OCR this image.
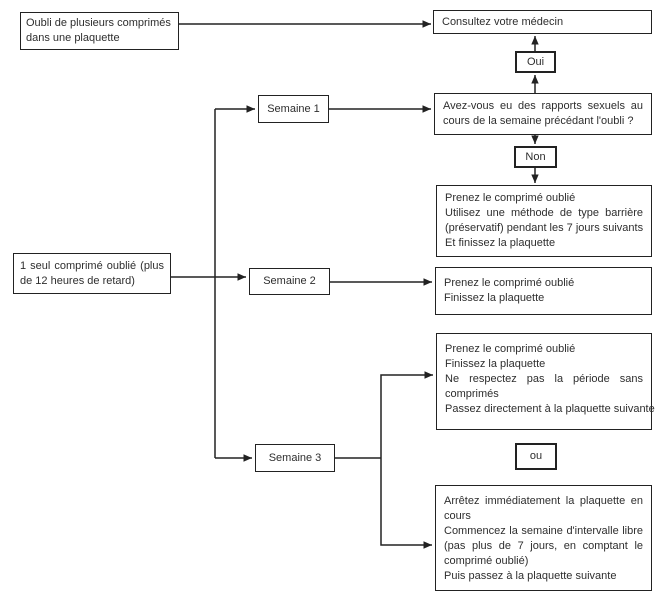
Oubli de plusieurs comprimés
dans une plaquette
Consultez votre médecin
Oui
Avez-vous eu des rapports sexuels au
cours de la semaine précédant l'oubli ?
Non
Prenez le comprimé oublié
Utilisez une méthode de type barrière
(préservatif) pendant les 7 jours suivants
Et finissez la plaquette
1 seul comprimé oublié (plus
de 12 heures de retard)
Semaine 1
Semaine 2
Semaine 3
Prenez le comprimé oublié
Finissez la plaquette
Prenez le comprimé oublié
Finissez la plaquette
Ne respectez pas la période sans
comprimés
Passez directement à la plaquette suivante
ou
Arrêtez immédiatement la plaquette en
cours
Commencez la semaine d'intervalle libre
(pas plus de 7 jours, en comptant le
comprimé oublié)
Puis passez à la plaquette suivante
